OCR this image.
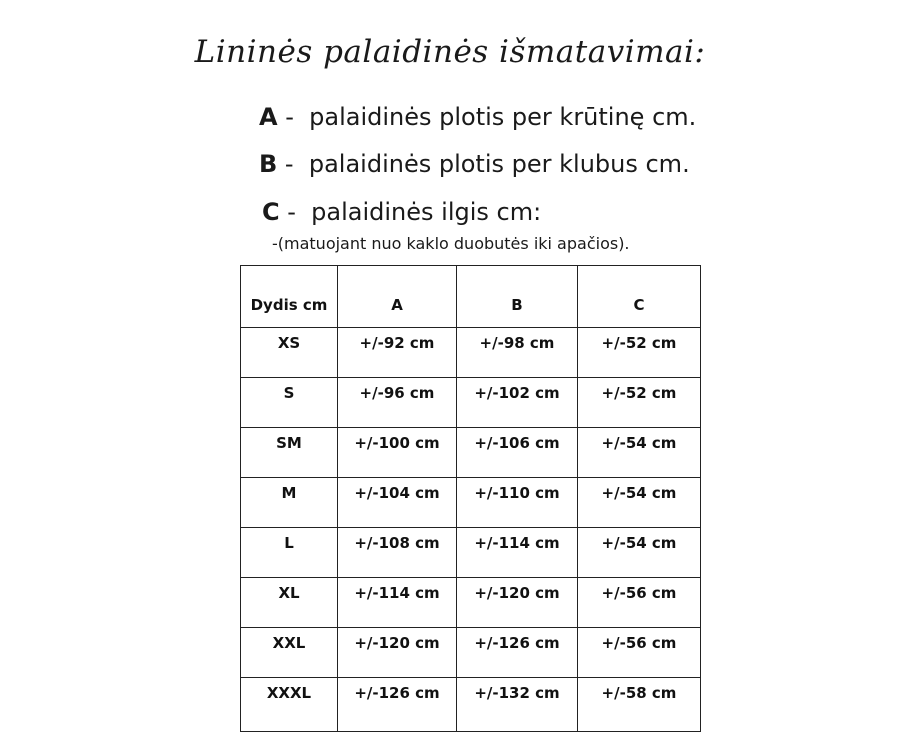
Lininės palaidinės išmatavimai:
A -  palaidinės plotis per krūtinę cm.
B -  palaidinės plotis per klubus cm.
C -  palaidinės ilgis cm:
-(matuojant nuo kaklo duobutės iki apačios).
Dydis cm	A	B	C
XS	+/-92 cm	+/-98 cm	+/-52 cm
S	+/-96 cm	+/-102 cm	+/-52 cm
SM	+/-100 cm	+/-106 cm	+/-54 cm
M	+/-104 cm	+/-110 cm	+/-54 cm
L	+/-108 cm	+/-114 cm	+/-54 cm
XL	+/-114 cm	+/-120 cm	+/-56 cm
XXL	+/-120 cm	+/-126 cm	+/-56 cm
XXXL	+/-126 cm	+/-132 cm	+/-58 cm
